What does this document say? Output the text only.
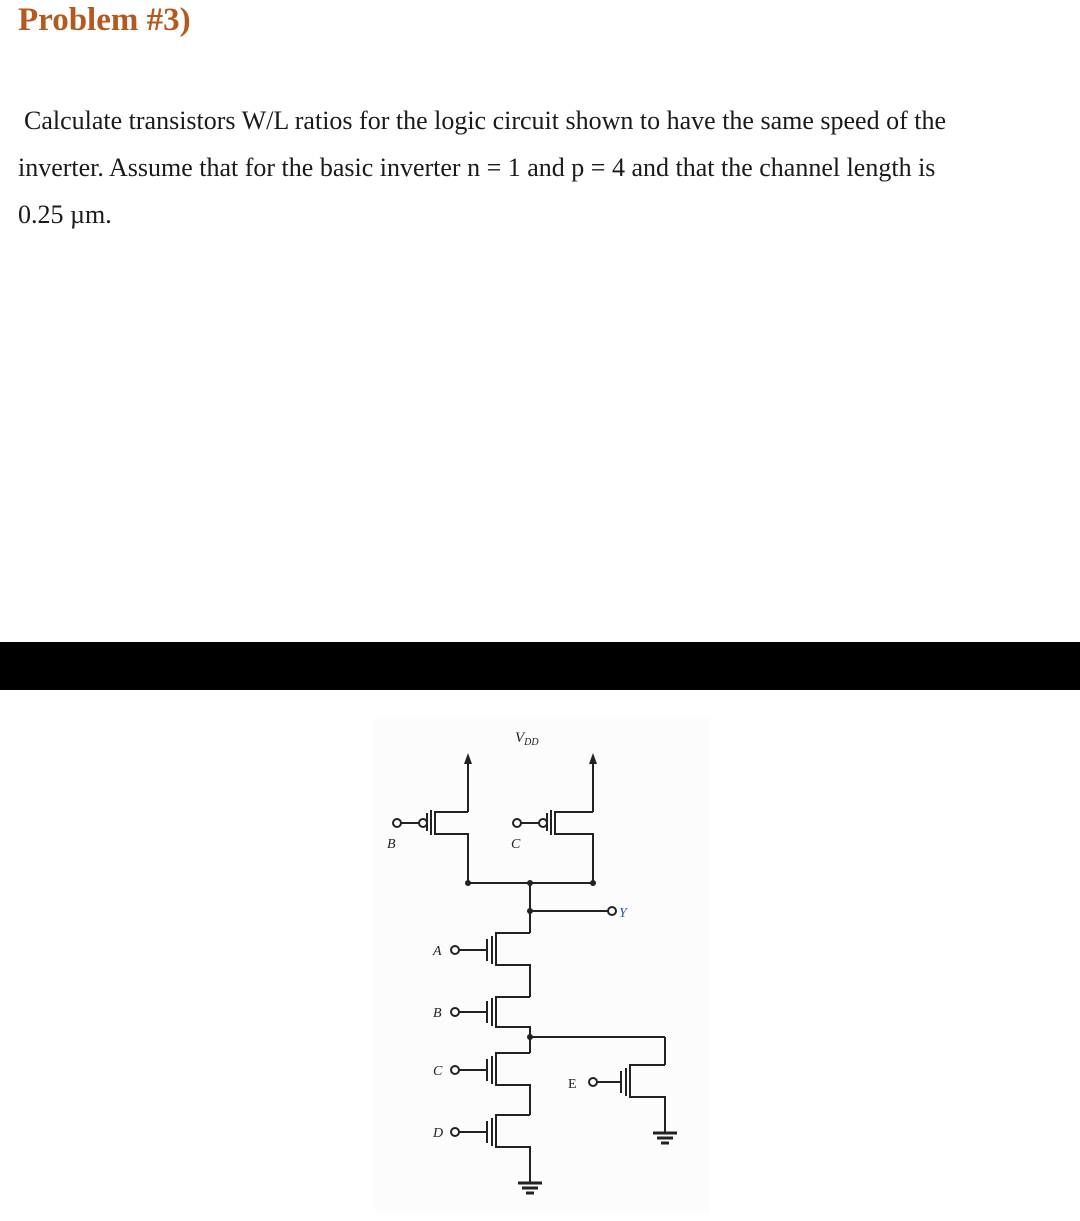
Problem #3)
Calculate transistors W/L ratios for the logic circuit shown to have the same speed of the
inverter. Assume that for the basic inverter n = 1 and p = 4 and that the channel length is
0.25 µm.
$V_{DD}$
B	C
Y
A
B
C
E
D
